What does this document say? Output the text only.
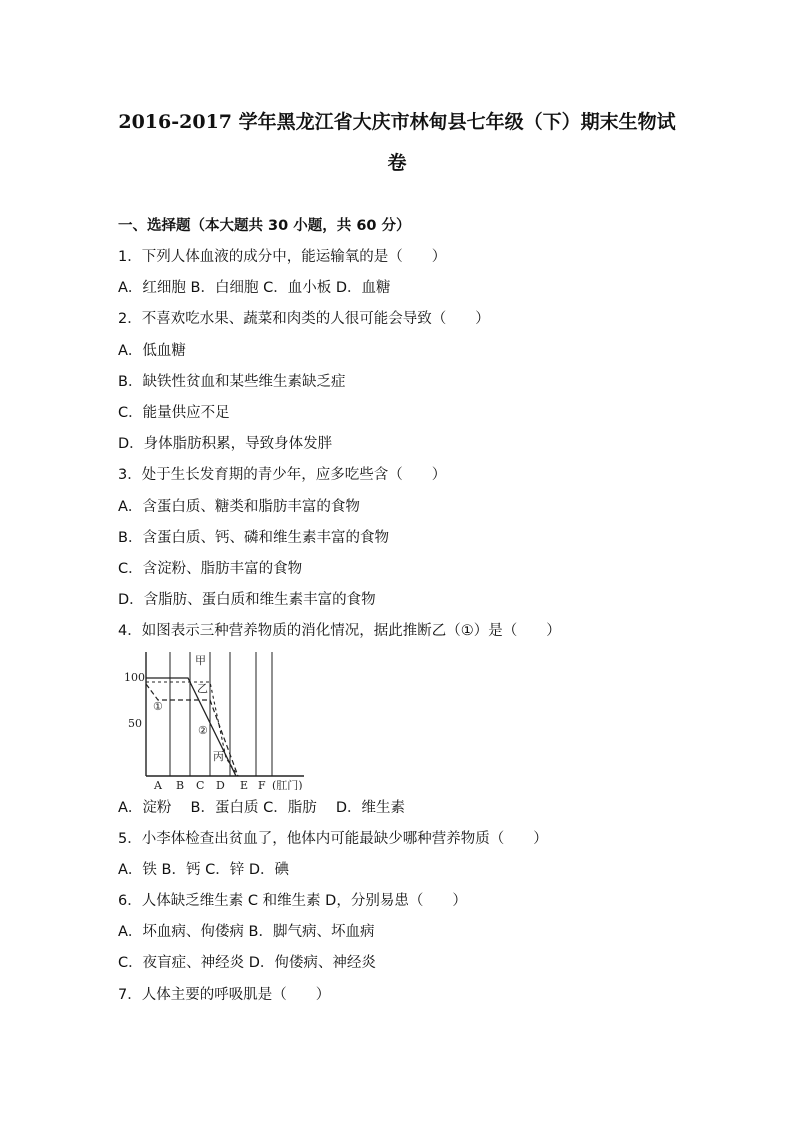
2016-2017 学年黑龙江省大庆市林甸县七年级（下）期末生物试
卷
一、选择题（本大题共 30 小题，共 60 分）
1．下列人体血液的成分中，能运输氧的是（　　）
A．红细胞 B．白细胞 C．血小板 D．血糖
2．不喜欢吃水果、蔬菜和肉类的人很可能会导致（　　）
A．低血糖
B．缺铁性贫血和某些维生素缺乏症
C．能量供应不足
D．身体脂肪积累，导致身体发胖
3．处于生长发育期的青少年，应多吃些含（　　）
A．含蛋白质、糖类和脂肪丰富的食物
B．含蛋白质、钙、磷和维生素丰富的食物
C．含淀粉、脂肪丰富的食物
D．含脂肪、蛋白质和维生素丰富的食物
4．如图表示三种营养物质的消化情况，据此推断乙（①）是（　　）
100
50
甲
乙
丙
①
②
A B C D E F (肛门)
A．淀粉　 B．蛋白质 C．脂肪　 D．维生素
5．小李体检查出贫血了，他体内可能最缺少哪种营养物质（　　）
A．铁 B．钙 C．锌 D．碘
6．人体缺乏维生素 C 和维生素 D，分别易患（　　）
A．坏血病、佝偻病 B．脚气病、坏血病
C．夜盲症、神经炎 D．佝偻病、神经炎
7．人体主要的呼吸肌是（　　）
